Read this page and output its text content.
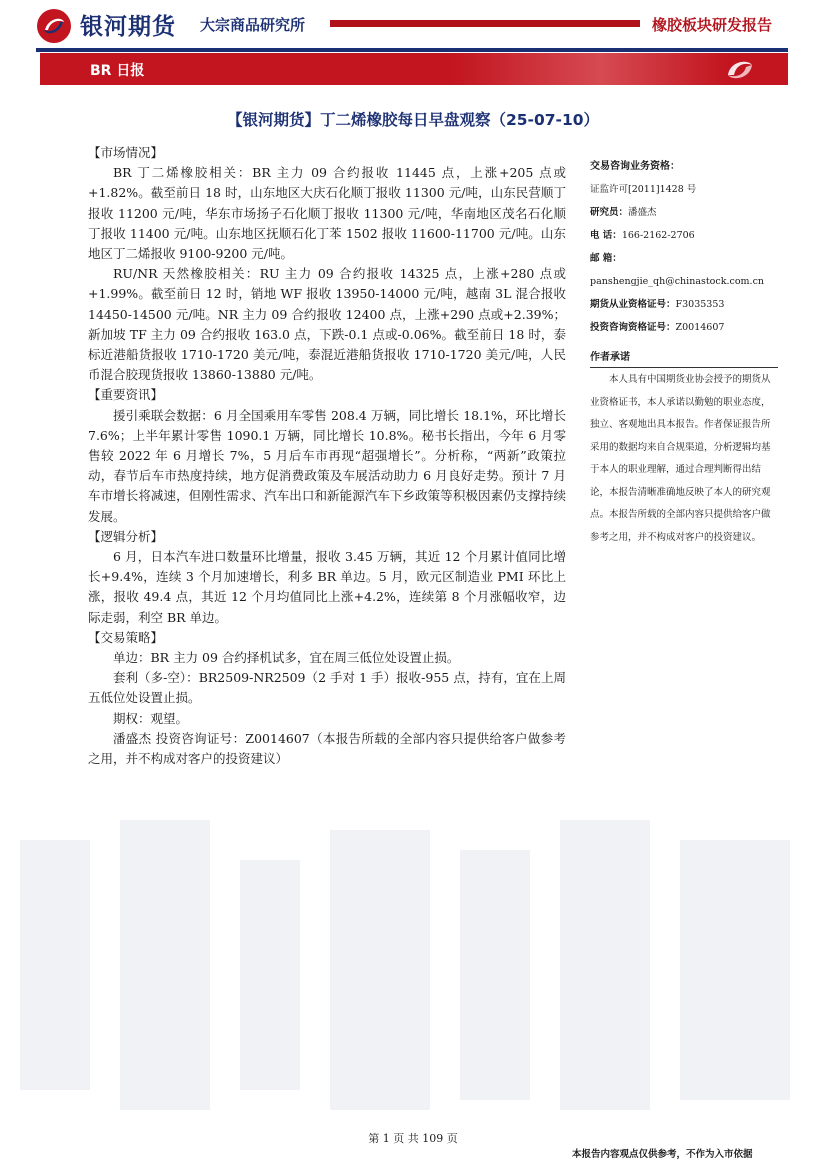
银河期货 大宗商品研究所	橡胶板块研发报告
BR 日报
【银河期货】丁二烯橡胶每日早盘观察（25-07-10）

【市场情况】

BR 丁二烯橡胶相关：BR 主力 09 合约报收 11445 点，上涨+205 点或+1.82%。截至前日 18 时，山东地区大庆石化顺丁报收 11300 元/吨，山东民营顺丁报收 11200 元/吨，华东市场扬子石化顺丁报收 11300 元/吨，华南地区茂名石化顺丁报收 11400 元/吨。山东地区抚顺石化丁苯 1502 报收 11600-11700 元/吨。山东地区丁二烯报收 9100-9200 元/吨。

RU/NR 天然橡胶相关：RU 主力 09 合约报收 14325 点，上涨+280 点或+1.99%。截至前日 12 时，销地 WF 报收 13950-14000 元/吨，越南 3L 混合报收 14450-14500 元/吨。NR 主力 09 合约报收 12400 点，上涨+290 点或+2.39%；新加坡 TF 主力 09 合约报收 163.0 点，下跌-0.1 点或-0.06%。截至前日 18 时，泰标近港船货报收 1710-1720 美元/吨，泰混近港船货报收 1710-1720 美元/吨，人民币混合胶现货报收 13860-13880 元/吨。

【重要资讯】

援引乘联会数据：6 月全国乘用车零售 208.4 万辆，同比增长 18.1%，环比增长 7.6%；上半年累计零售 1090.1 万辆，同比增长 10.8%。秘书长指出，今年 6 月零售较 2022 年 6 月增长 7%，5 月后车市再现“超强增长”。分析称，“两新”政策拉动，春节后车市热度持续，地方促消费政策及车展活动助力 6 月良好走势。预计 7 月车市增长将减速，但刚性需求、汽车出口和新能源汽车下乡政策等积极因素仍支撑持续发展。

【逻辑分析】

6 月，日本汽车进口数量环比增量，报收 3.45 万辆，其近 12 个月累计值同比增长+9.4%，连续 3 个月加速增长，利多 BR 单边。5 月，欧元区制造业 PMI 环比上涨，报收 49.4 点，其近 12 个月均值同比上涨+4.2%，连续第 8 个月涨幅收窄，边际走弱，利空 BR 单边。

【交易策略】

单边：BR 主力 09 合约择机试多，宜在周三低位处设置止损。

套利（多-空）：BR2509-NR2509（2 手对 1 手）报收-955 点，持有，宜在上周五低位处设置止损。

期权：观望。

潘盛杰 投资咨询证号：Z0014607（本报告所载的全部内容只提供给客户做参考之用，并不构成对客户的投资建议）

交易咨询业务资格：
证监许可[2011]1428 号
研究员：潘盛杰
电 话：166-2162-2706
邮 箱：
panshengjie_qh@chinastock.com.cn
期货从业资格证号：F3035353
投资咨询资格证号：Z0014607
作者承诺
本人具有中国期货业协会授予的期货从业资格证书，本人承诺以勤勉的职业态度，独立、客观地出具本报告。作者保证报告所采用的数据均来自合规渠道，分析逻辑均基于本人的职业理解，通过合理判断得出结论，本报告清晰准确地反映了本人的研究观点。本报告所载的全部内容只提供给客户做参考之用，并不构成对客户的投资建议。
第 1 页 共 109 页
本报告内容观点仅供参考，不作为入市依据
